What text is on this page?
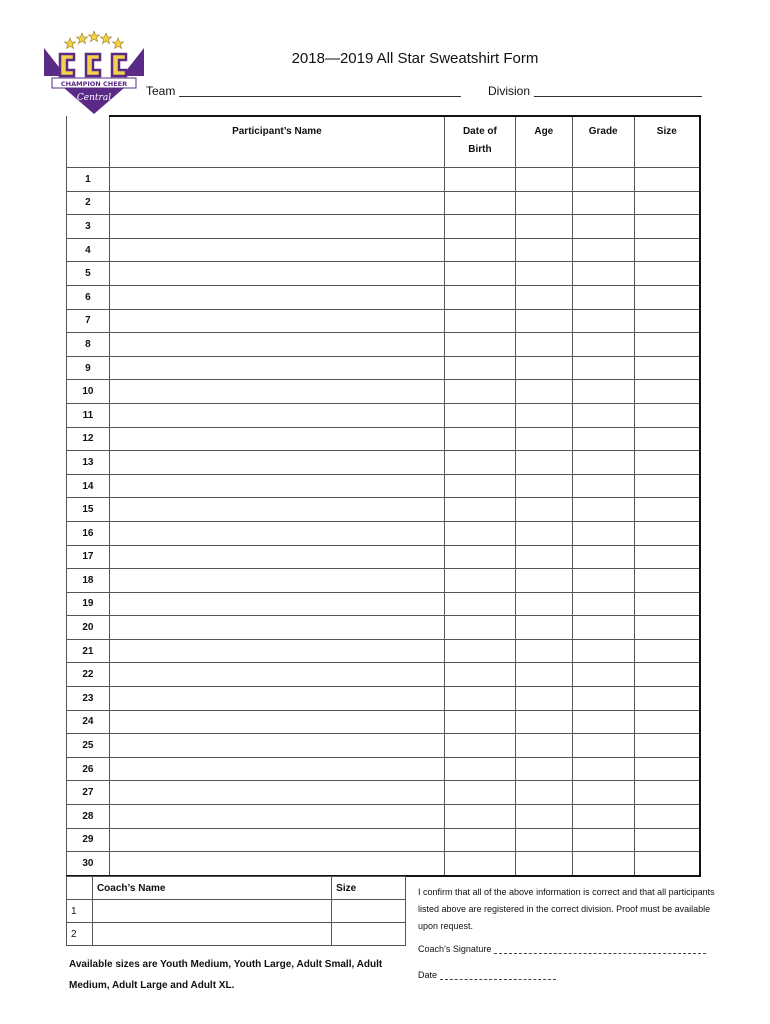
CHAMPION CHEER
Central
2018—2019 All Star Sweatshirt Form
Team	Division
	Participant’s Name	Date of Birth	Age	Grade	Size
1					
2					
3					
4					
5					
6					
7					
8					
9					
10					
11					
12					
13					
14					
15					
16					
17					
18					
19					
20					
21					
22					
23					
24					
25					
26					
27					
28					
29					
30					
	Coach’s Name	Size
1		
2		
Available sizes are Youth Medium, Youth Large, Adult Small, Adult Medium, Adult Large and Adult XL.
I confirm that all of the above information is correct and that all participants listed above are registered in the correct division. Proof must be available upon request.
Coach’s Signature
Date
